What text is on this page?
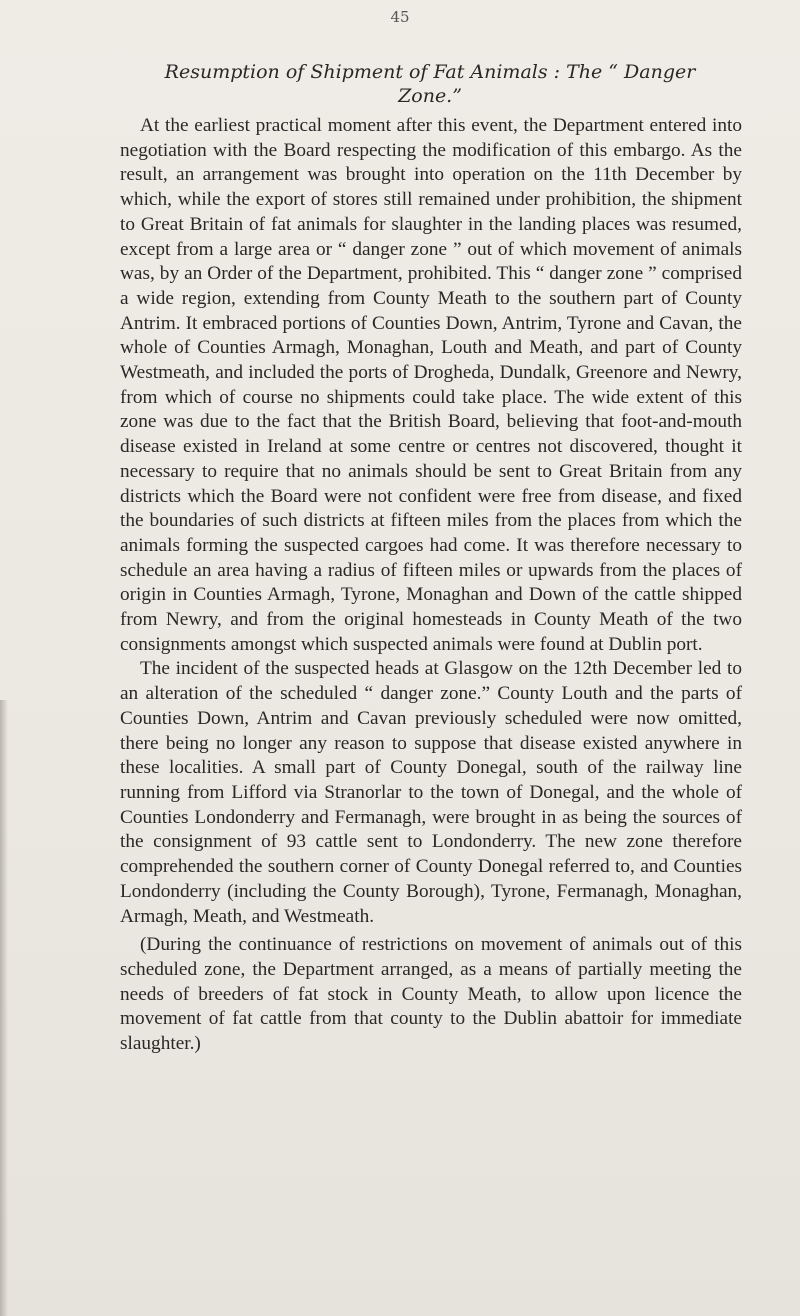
45
Resumption of Shipment of Fat Animals : The “ Danger
Zone.”

At the earliest practical moment after this event, the Department entered into negotiation with the Board respecting the modification of this embargo. As the result, an arrangement was brought into operation on the 11th December by which, while the export of stores still remained under prohibition, the shipment to Great Britain of fat animals for slaughter in the landing places was resumed, except from a large area or “ danger zone ” out of which movement of animals was, by an Order of the Department, prohibited. This “ danger zone ” comprised a wide region, extending from County Meath to the southern part of County Antrim. It embraced portions of Counties Down, Antrim, Tyrone and Cavan, the whole of Counties Armagh, Monaghan, Louth and Meath, and part of County Westmeath, and included the ports of Drogheda, Dundalk, Greenore and Newry, from which of course no shipments could take place. The wide extent of this zone was due to the fact that the British Board, believing that foot-and-mouth disease existed in Ireland at some centre or centres not discovered, thought it necessary to require that no animals should be sent to Great Britain from any districts which the Board were not confident were free from disease, and fixed the boundaries of such districts at fifteen miles from the places from which the animals forming the suspected cargoes had come. It was therefore necessary to schedule an area having a radius of fifteen miles or upwards from the places of origin in Counties Armagh, Tyrone, Monaghan and Down of the cattle shipped from Newry, and from the original homesteads in County Meath of the two consignments amongst which suspected animals were found at Dublin port.

The incident of the suspected heads at Glasgow on the 12th December led to an alteration of the scheduled “ danger zone.” County Louth and the parts of Counties Down, Antrim and Cavan previously scheduled were now omitted, there being no longer any reason to suppose that disease existed anywhere in these localities. A small part of County Donegal, south of the railway line running from Lifford via Stranorlar to the town of Donegal, and the whole of Counties Londonderry and Fermanagh, were brought in as being the sources of the consignment of 93 cattle sent to Londonderry. The new zone therefore comprehended the southern corner of County Donegal referred to, and Counties Londonderry (including the County Borough), Tyrone, Fermanagh, Monaghan, Armagh, Meath, and Westmeath.

(During the continuance of restrictions on movement of animals out of this scheduled zone, the Department arranged, as a means of partially meeting the needs of breeders of fat stock in County Meath, to allow upon licence the movement of fat cattle from that county to the Dublin abattoir for immediate slaughter.)
